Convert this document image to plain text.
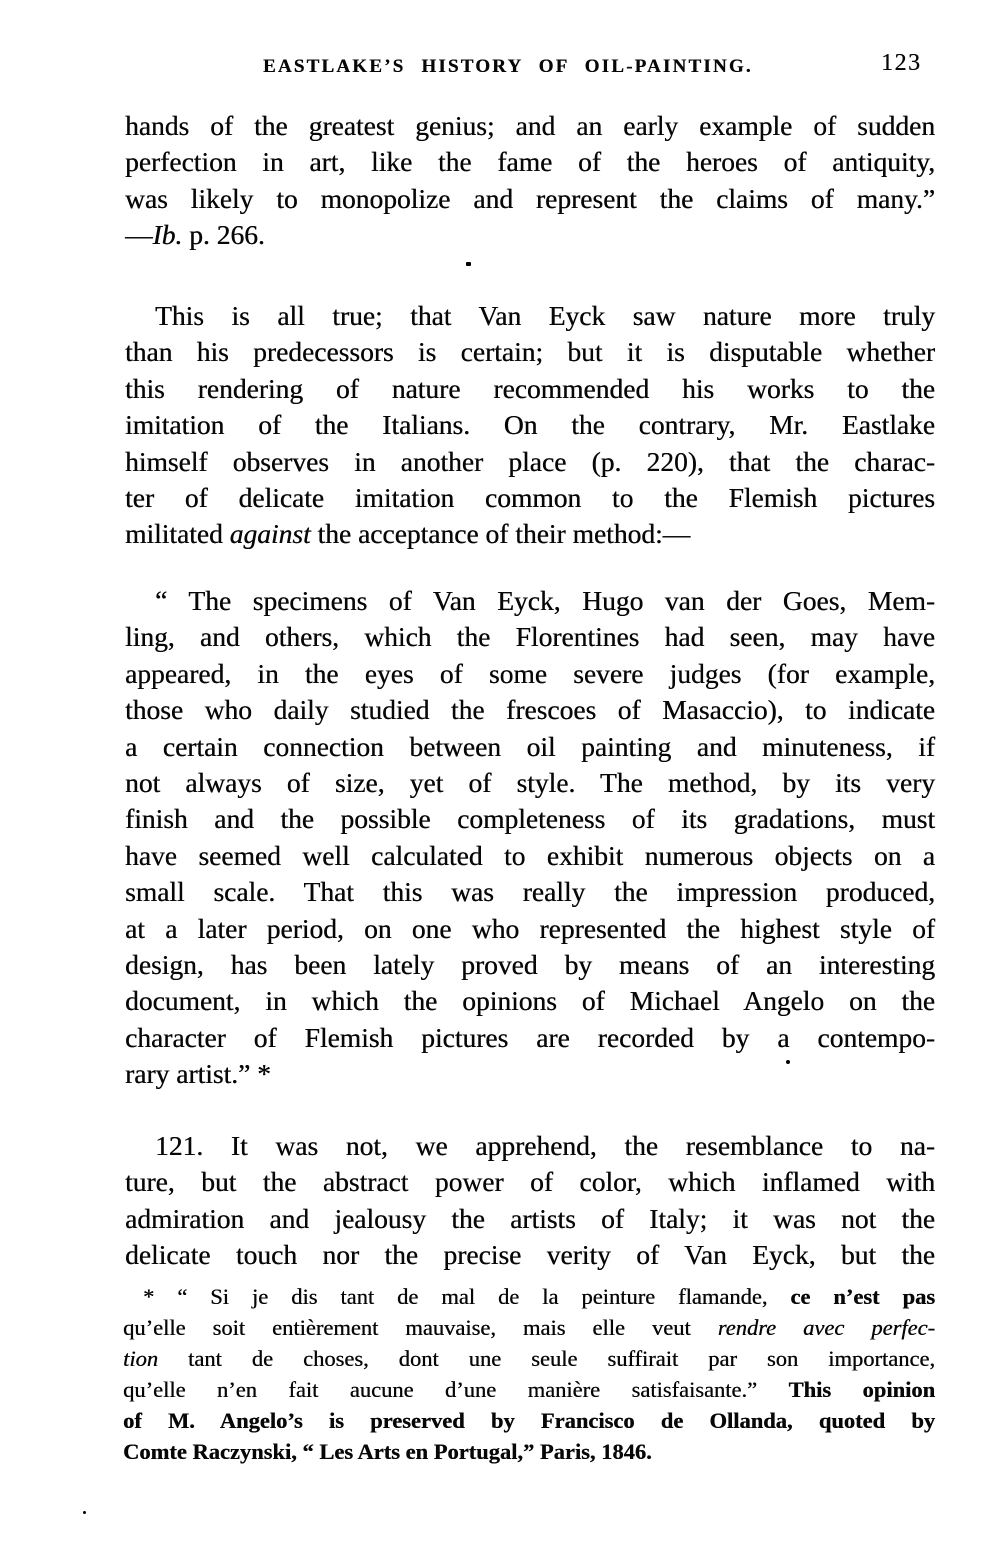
EASTLAKE’S HISTORY OF OIL-PAINTING.	123
hands of the greatest genius; and an early example of sudden
perfection in art, like the fame of the heroes of antiquity,
was likely to monopolize and represent the claims of many.”
—Ib. p. 266.
This is all true; that Van Eyck saw nature more truly
than his predecessors is certain; but it is disputable whether
this rendering of nature recommended his works to the
imitation of the Italians. On the contrary, Mr. Eastlake
himself observes in another place (p. 220), that the charac-
ter of delicate imitation common to the Flemish pictures
militated against the acceptance of their method:—
“ The specimens of Van Eyck, Hugo van der Goes, Mem-
ling, and others, which the Florentines had seen, may have
appeared, in the eyes of some severe judges (for example,
those who daily studied the frescoes of Masaccio), to indicate
a certain connection between oil painting and minuteness, if
not always of size, yet of style. The method, by its very
finish and the possible completeness of its gradations, must
have seemed well calculated to exhibit numerous objects on a
small scale. That this was really the impression produced,
at a later period, on one who represented the highest style of
design, has been lately proved by means of an interesting
document, in which the opinions of Michael Angelo on the
character of Flemish pictures are recorded by a contempo-
rary artist.” *
121. It was not, we apprehend, the resemblance to na-
ture, but the abstract power of color, which inflamed with
admiration and jealousy the artists of Italy; it was not the
delicate touch nor the precise verity of Van Eyck, but the
* “ Si je dis tant de mal de la peinture flamande, ce n’est pas
qu’elle soit entièrement mauvaise, mais elle veut rendre avec perfec-
tion tant de choses, dont une seule suffirait par son importance,
qu’elle n’en fait aucune d’une manière satisfaisante.” This opinion
of M. Angelo’s is preserved by Francisco de Ollanda, quoted by
Comte Raczynski, “ Les Arts en Portugal,” Paris, 1846.
